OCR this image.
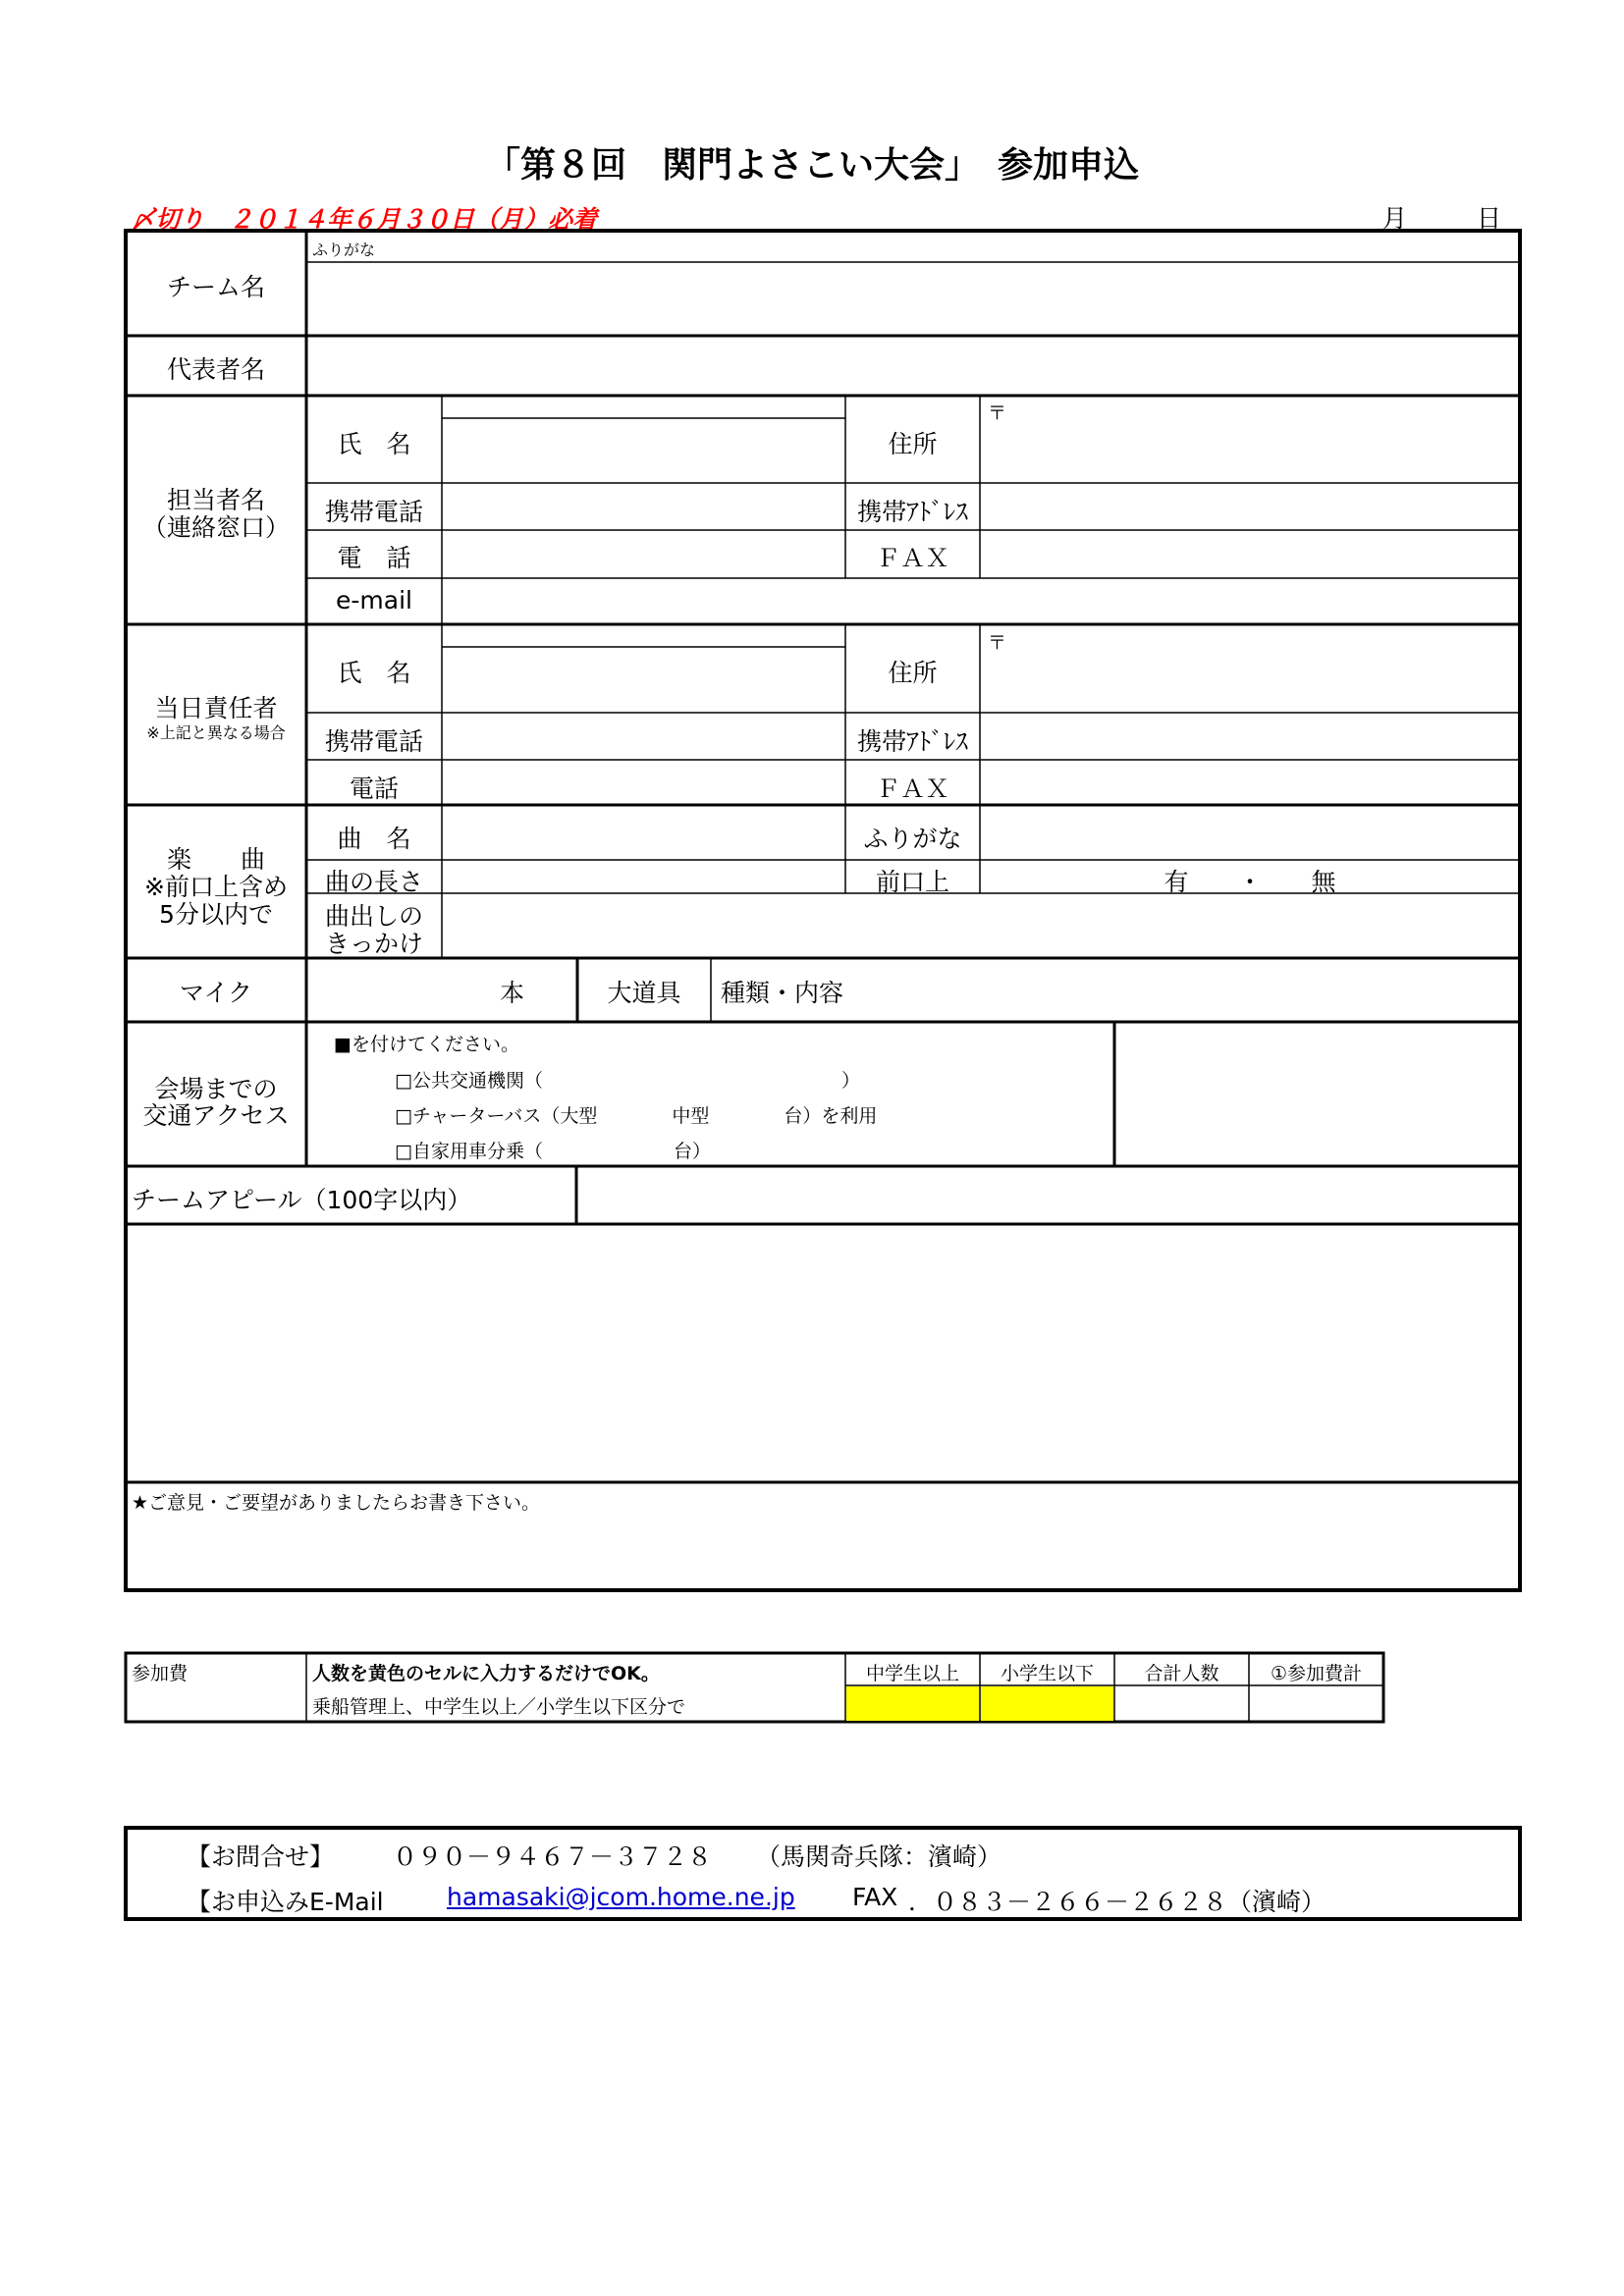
「第８回　関門よさこい大会」　参加申込
〆切り　２０１４年６月３０日（月）必着	月	日
ふりがな
チーム名
代表者名
担当者名
（連絡窓口）
氏　名	住所
〒
携帯電話	携帯ｱﾄﾞﾚｽ
電　話	ＦＡＸ
e-mail
当日責任者
※上記と異なる場合
氏　名	住所
〒
携帯電話	携帯ｱﾄﾞﾚｽ
電話	ＦＡＸ
楽　　曲
※前口上含め
5分以内で
曲　名	ふりがな
曲の長さ	前口上	有　　・　　無
曲出しの
きっかけ
マイク	本	大道具	種類・内容
会場までの
交通アクセス
■を付けてください。
□公共交通機関（　　　　　　　　　　　　　　　　）
□チャーターバス（大型　　　　中型　　　　台）を利用
□自家用車分乗（　　　　　　　台）
チームアピール（100字以内）
★ご意見・ご要望がありましたらお書き下さい。
参加費	人数を黄色のセルに入力するだけでOK。
乗船管理上、中学生以上／小学生以下区分で
中学生以上	小学生以下	合計人数	①参加費計
【お問合せ】 ０９０－９４６７－３７２８ （馬関奇兵隊：濱崎）
【お申込みE-Mail	hamasaki@jcom.home.ne.jp FAX ．０８３－２６６－２６２８（濱崎）
